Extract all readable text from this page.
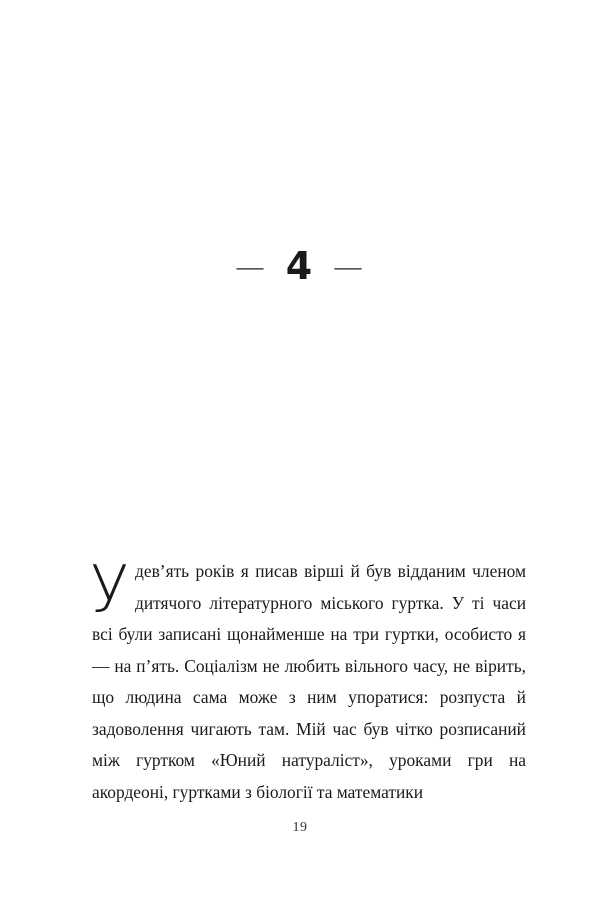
— 4 —
Удев’ять років я писав вірші й був відданим членом дитячого літературного міського гуртка. У ті часи всі були записані щонайменше на три гуртки, особисто я — на п’ять. Соціалізм не любить вільного часу, не вірить, що людина сама може з ним упоратися: розпуста й задоволення чигають там. Мій час був чітко розписаний між гуртком «Юний натураліст», уроками гри на акордеоні, гуртками з біології та математики
19
